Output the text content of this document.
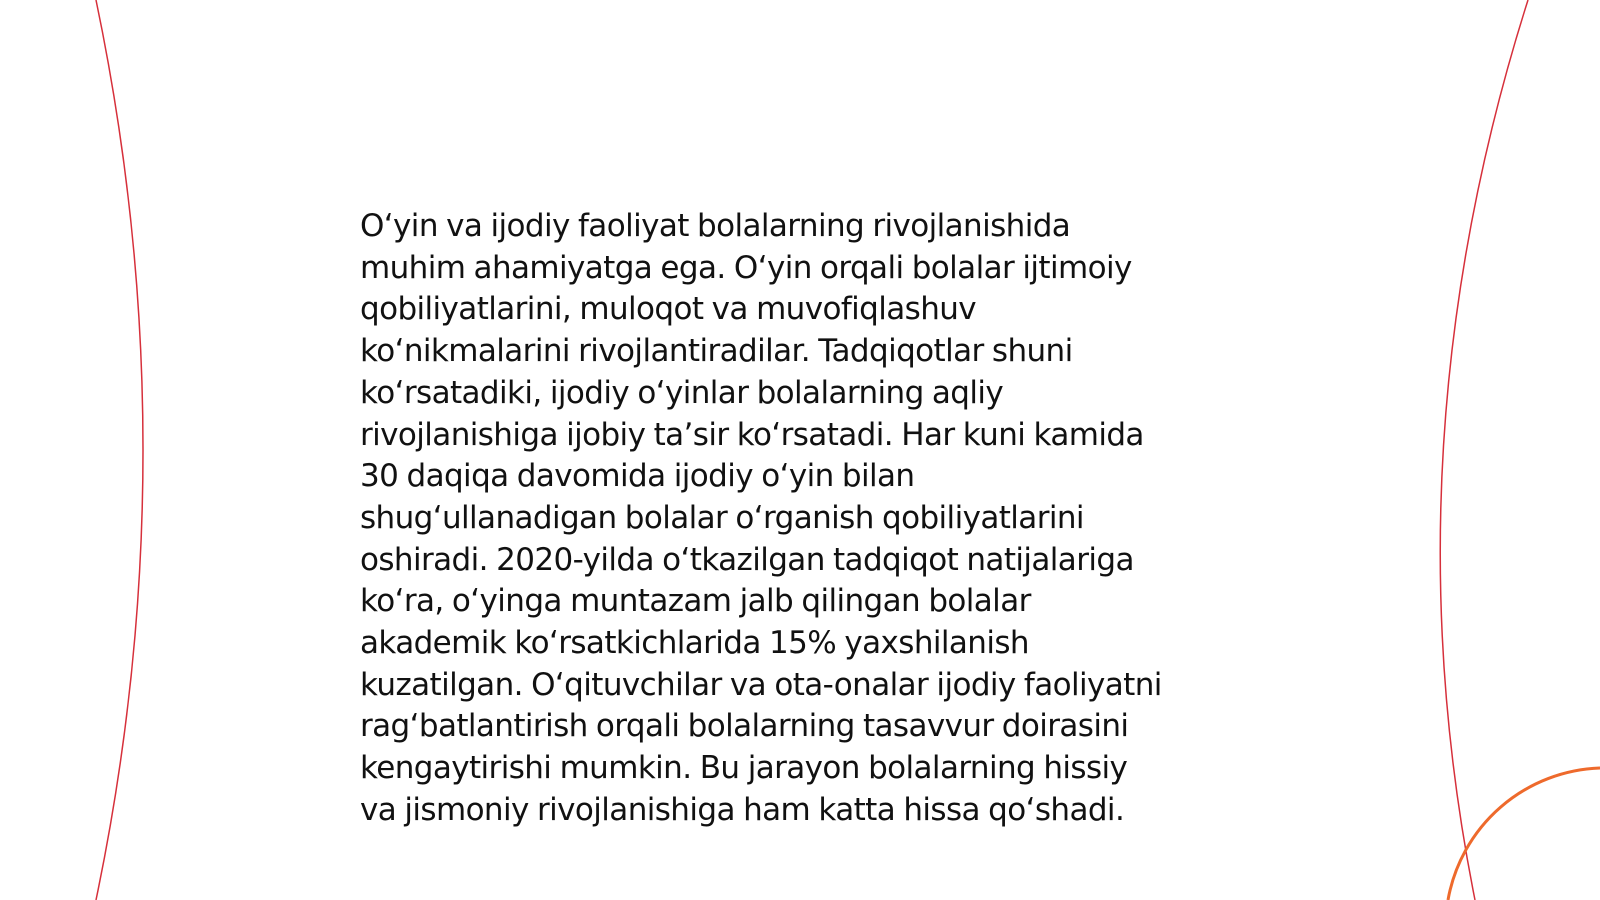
O‘yin va ijodiy faoliyat bolalarning rivojlanishida
muhim ahamiyatga ega. O‘yin orqali bolalar ijtimoiy
qobiliyatlarini, muloqot va muvofiqlashuv
ko‘nikmalarini rivojlantiradilar. Tadqiqotlar shuni
ko‘rsatadiki, ijodiy o‘yinlar bolalarning aqliy
rivojlanishiga ijobiy ta’sir ko‘rsatadi. Har kuni kamida
30 daqiqa davomida ijodiy o‘yin bilan
shug‘ullanadigan bolalar o‘rganish qobiliyatlarini
oshiradi. 2020-yilda o‘tkazilgan tadqiqot natijalariga
ko‘ra, o‘yinga muntazam jalb qilingan bolalar
akademik ko‘rsatkichlarida 15% yaxshilanish
kuzatilgan. O‘qituvchilar va ota-onalar ijodiy faoliyatni
rag‘batlantirish orqali bolalarning tasavvur doirasini
kengaytirishi mumkin. Bu jarayon bolalarning hissiy
va jismoniy rivojlanishiga ham katta hissa qo‘shadi.
